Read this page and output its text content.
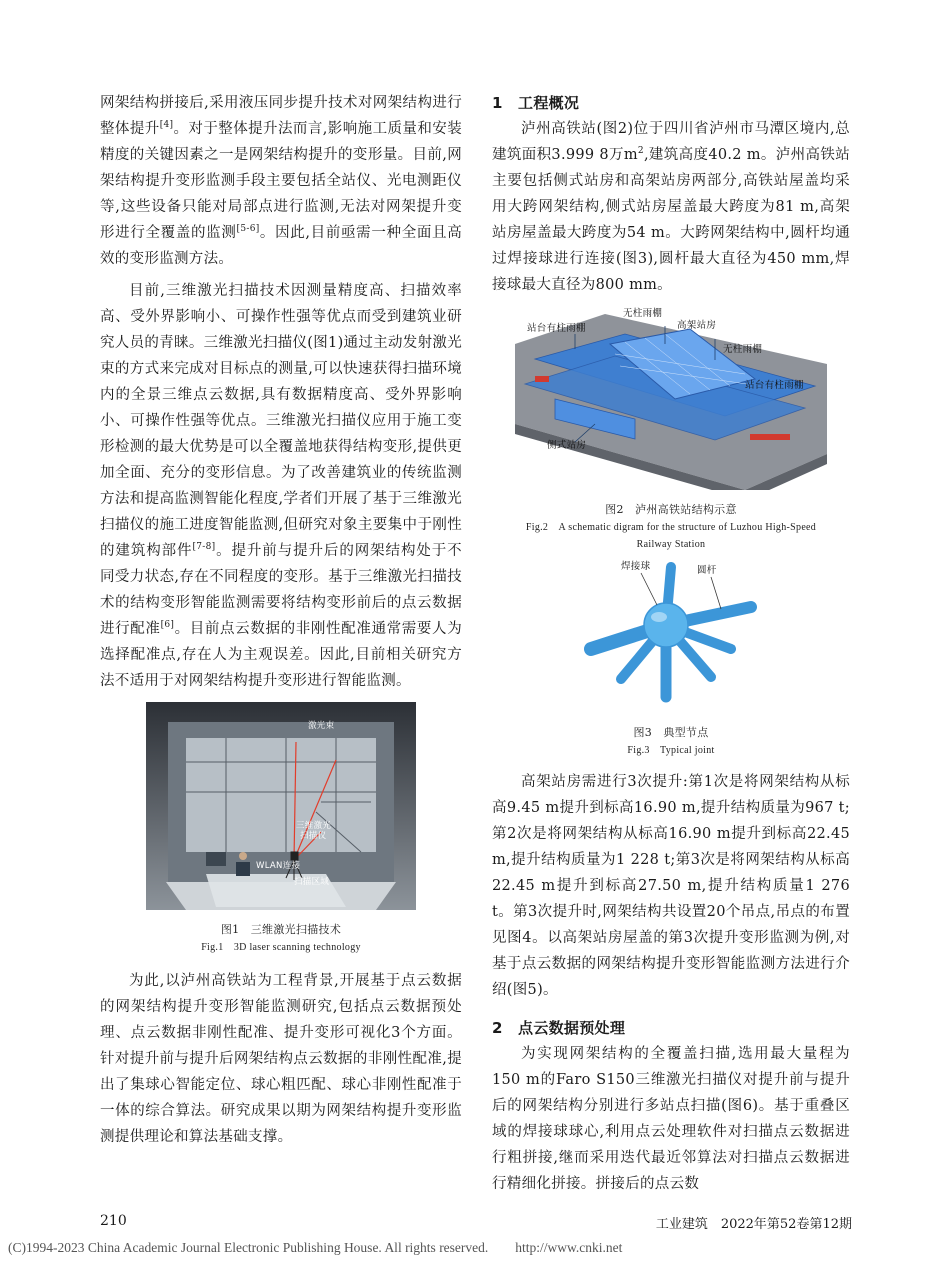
网架结构拼接后,采用液压同步提升技术对网架结构进行整体提升[4]。对于整体提升法而言,影响施工质量和安装精度的关键因素之一是网架结构提升的变形量。目前,网架结构提升变形监测手段主要包括全站仪、光电测距仪等,这些设备只能对局部点进行监测,无法对网架提升变形进行全覆盖的监测[5-6]。因此,目前亟需一种全面且高效的变形监测方法。

目前,三维激光扫描技术因测量精度高、扫描效率高、受外界影响小、可操作性强等优点而受到建筑业研究人员的青睐。三维激光扫描仪(图1)通过主动发射激光束的方式来完成对目标点的测量,可以快速获得扫描环境内的全景三维点云数据,具有数据精度高、受外界影响小、可操作性强等优点。三维激光扫描仪应用于施工变形检测的最大优势是可以全覆盖地获得结构变形,提供更加全面、充分的变形信息。为了改善建筑业的传统监测方法和提高监测智能化程度,学者们开展了基于三维激光扫描仪的施工进度智能监测,但研究对象主要集中于刚性的建筑构部件[7-8]。提升前与提升后的网架结构处于不同受力状态,存在不同程度的变形。基于三维激光扫描技术的结构变形智能监测需要将结构变形前后的点云数据进行配准[6]。目前点云数据的非刚性配准通常需要人为选择配准点,存在人为主观误差。因此,目前相关研究方法不适用于对网架结构提升变形进行智能监测。

激光束
三维激光
扫描仪
WLAN连接
扫描区域
图1　三维激光扫描技术
Fig.1　3D laser scanning technology

为此,以泸州高铁站为工程背景,开展基于点云数据的网架结构提升变形智能监测研究,包括点云数据预处理、点云数据非刚性配准、提升变形可视化3个方面。针对提升前与提升后网架结构点云数据的非刚性配准,提出了集球心智能定位、球心粗匹配、球心非刚性配准于一体的综合算法。研究成果以期为网架结构提升变形监测提供理论和算法基础支撑。

1　工程概况

泸州高铁站(图2)位于四川省泸州市马潭区境内,总建筑面积3.999 8万$m^2$,建筑高度40.2 m。泸州高铁站主要包括侧式站房和高架站房两部分,高铁站屋盖均采用大跨网架结构,侧式站房屋盖最大跨度为81 m,高架站房屋盖最大跨度为54 m。大跨网架结构中,圆杆均通过焊接球进行连接(图3),圆杆最大直径为450 mm,焊接球最大直径为800 mm。

站台有柱雨棚
无柱雨棚
高架站房
无柱雨棚
站台有柱雨棚
侧式站房
图2　泸州高铁站结构示意
Fig.2　A schematic digram for the structure of Luzhou High-Speed
Railway Station
焊接球	圆杆
图3　典型节点
Fig.3　Typical joint

高架站房需进行3次提升:第1次是将网架结构从标高9.45 m提升到标高16.90 m,提升结构质量为967 t;第2次是将网架结构从标高16.90 m提升到标高22.45 m,提升结构质量为1 228 t;第3次是将网架结构从标高22.45 m提升到标高27.50 m,提升结构质量1 276 t。第3次提升时,网架结构共设置20个吊点,吊点的布置见图4。以高架站房屋盖的第3次提升变形监测为例,对基于点云数据的网架结构提升变形智能监测方法进行介绍(图5)。

2　点云数据预处理

为实现网架结构的全覆盖扫描,选用最大量程为150 m的Faro S150三维激光扫描仪对提升前与提升后的网架结构分别进行多站点扫描(图6)。基于重叠区域的焊接球球心,利用点云处理软件对扫描点云数据进行粗拼接,继而采用迭代最近邻算法对扫描点云数据进行精细化拼接。拼接后的点云数

210	工业建筑　2022年第52卷第12期
(C)1994-2023 China Academic Journal Electronic Publishing House. All rights reserved.　　http://www.cnki.net
